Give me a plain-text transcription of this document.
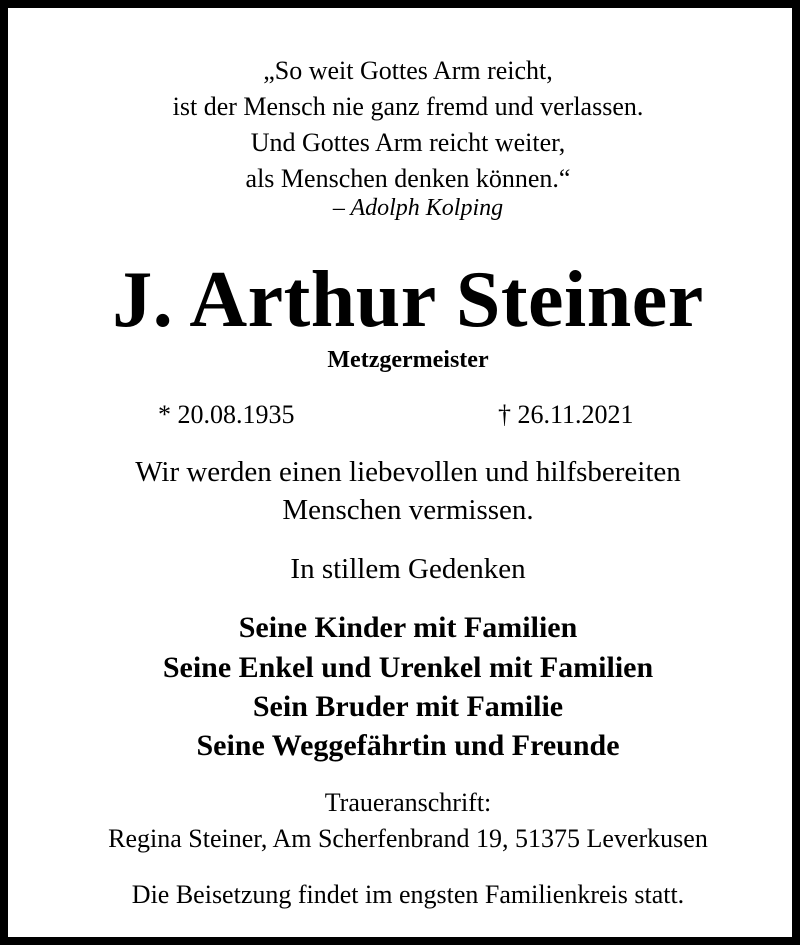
„So weit Gottes Arm reicht,
ist der Mensch nie ganz fremd und verlassen.
Und Gottes Arm reicht weiter,
als Menschen denken können.“
– Adolph Kolping
J. Arthur Steiner
Metzgermeister
* 20.08.1935	† 26.11.2021
Wir werden einen liebevollen und hilfsbereiten
Menschen vermissen.
In stillem Gedenken
Seine Kinder mit Familien
Seine Enkel und Urenkel mit Familien
Sein Bruder mit Familie
Seine Weggefährtin und Freunde
Traueranschrift:
Regina Steiner, Am Scherfenbrand 19, 51375 Leverkusen
Die Beisetzung findet im engsten Familienkreis statt.
